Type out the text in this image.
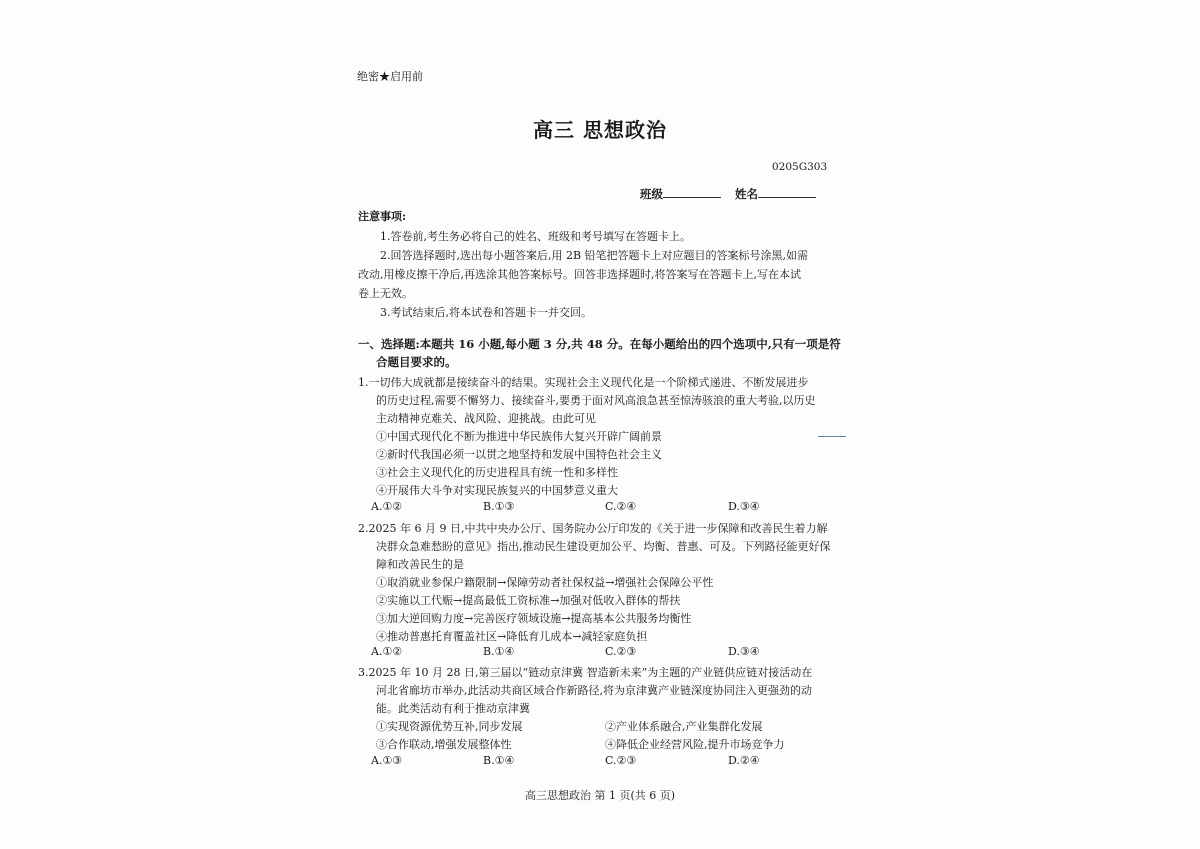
绝密★启用前
高三 思想政治
0205G303
班级	姓名
注意事项:
1.答卷前,考生务必将自己的姓名、班级和考号填写在答题卡上。
2.回答选择题时,选出每小题答案后,用 2B 铅笔把答题卡上对应题目的答案标号涂黑,如需
改动,用橡皮擦干净后,再选涂其他答案标号。回答非选择题时,将答案写在答题卡上,写在本试
卷上无效。
3.考试结束后,将本试卷和答题卡一并交回。
一、选择题:本题共 16 小题,每小题 3 分,共 48 分。在每小题给出的四个选项中,只有一项是符
合题目要求的。
1.一切伟大成就都是接续奋斗的结果。实现社会主义现代化是一个阶梯式递进、不断发展进步
的历史过程,需要不懈努力、接续奋斗,要勇于面对风高浪急甚至惊涛骇浪的重大考验,以历史
主动精神克难关、战风险、迎挑战。由此可见
①中国式现代化不断为推进中华民族伟大复兴开辟广阔前景
②新时代我国必须一以贯之地坚持和发展中国特色社会主义
③社会主义现代化的历史进程具有统一性和多样性
④开展伟大斗争对实现民族复兴的中国梦意义重大
A.①②	B.①③	C.②④	D.③④
2.2025 年 6 月 9 日,中共中央办公厅、国务院办公厅印发的《关于进一步保障和改善民生着力解
决群众急难愁盼的意见》指出,推动民生建设更加公平、均衡、普惠、可及。下列路径能更好保
障和改善民生的是
①取消就业参保户籍限制→保障劳动者社保权益→增强社会保障公平性
②实施以工代赈→提高最低工资标准→加强对低收入群体的帮扶
③加大逆回购力度→完善医疗领域设施→提高基本公共服务均衡性
④推动普惠托育覆盖社区→降低育儿成本→减轻家庭负担
A.①②	B.①④	C.②③	D.③④
3.2025 年 10 月 28 日,第三届以“链动京津冀 智造新未来”为主题的产业链供应链对接活动在
河北省廊坊市举办,此活动共商区域合作新路径,将为京津冀产业链深度协同注入更强劲的动
能。此类活动有利于推动京津冀
①实现资源优势互补,同步发展	②产业体系融合,产业集群化发展
③合作联动,增强发展整体性	④降低企业经营风险,提升市场竞争力
A.①③	B.①④	C.②③	D.②④
高三思想政治 第 1 页(共 6 页)
